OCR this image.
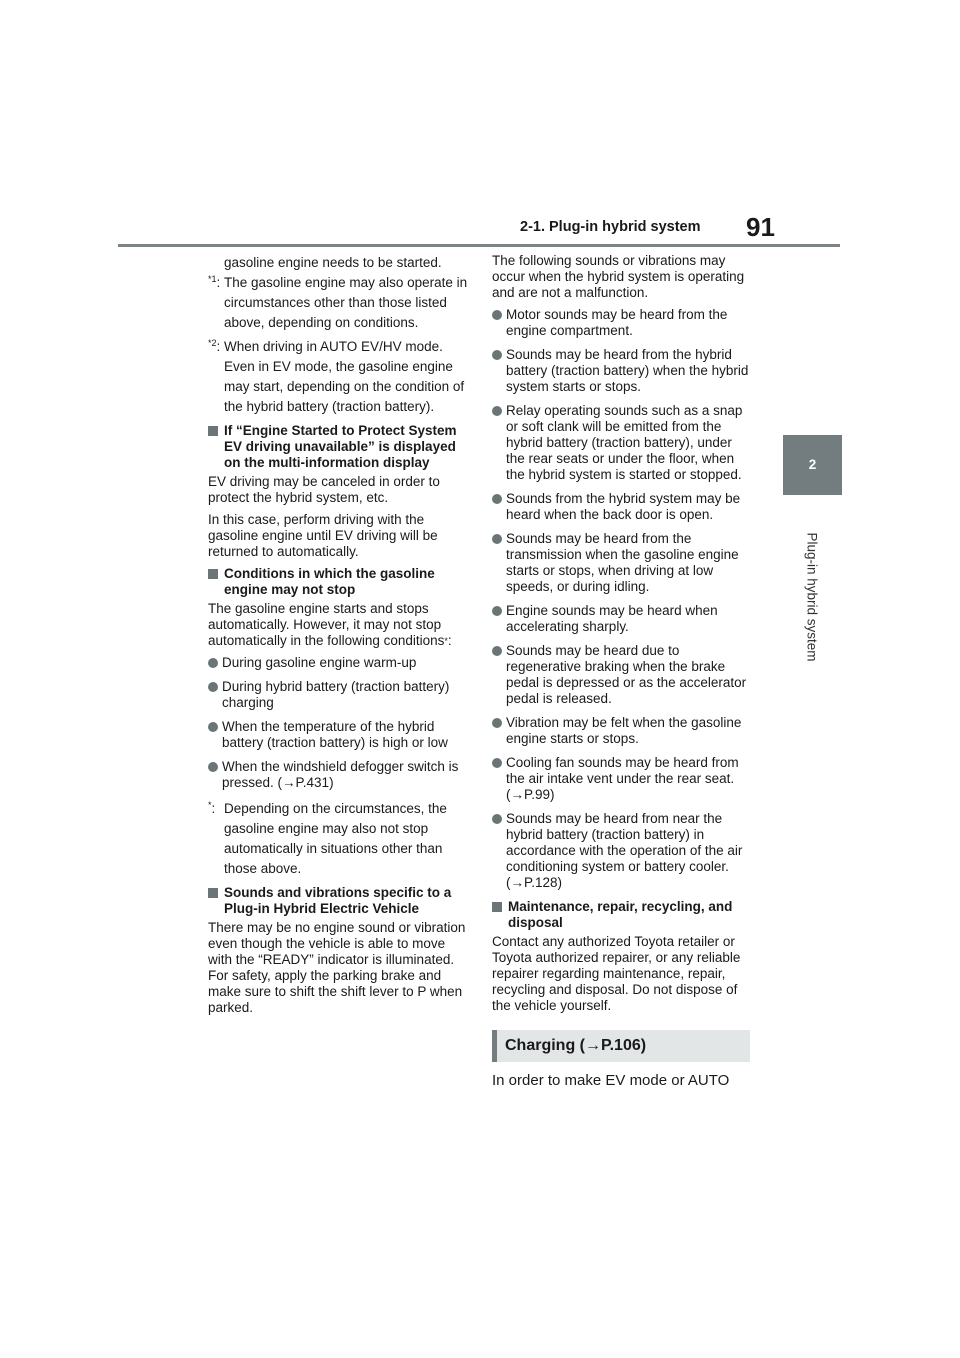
2-1. Plug-in hybrid system 91
2
Plug-in hybrid system
gasoline engine needs to be started.
$^{*1}$: The gasoline engine may also operate in circumstances other than those listed above, depending on conditions.
$^{*2}$: When driving in AUTO EV/HV mode. Even in EV mode, the gasoline engine may start, depending on the condition of the hybrid battery (traction battery).
If “Engine Started to Protect System EV driving unavailable” is displayed on the multi-information display
EV driving may be canceled in order to protect the hybrid system, etc.
In this case, perform driving with the gasoline engine until EV driving will be returned to automatically.
Conditions in which the gasoline engine may not stop
The gasoline engine starts and stops automatically. However, it may not stop automatically in the following conditions*:
During gasoline engine warm-up
During hybrid battery (traction battery) charging
When the temperature of the hybrid battery (traction battery) is high or low
When the windshield defogger switch is pressed. (→P.431)
*: Depending on the circumstances, the gasoline engine may also not stop automatically in situations other than those above.
Sounds and vibrations specific to a Plug-in Hybrid Electric Vehicle
There may be no engine sound or vibration even though the vehicle is able to move with the “READY” indicator is illuminated. For safety, apply the parking brake and make sure to shift the shift lever to P when parked.
The following sounds or vibrations may occur when the hybrid system is operating and are not a malfunction.
Motor sounds may be heard from the engine compartment.
Sounds may be heard from the hybrid battery (traction battery) when the hybrid system starts or stops.
Relay operating sounds such as a snap or soft clank will be emitted from the hybrid battery (traction battery), under the rear seats or under the floor, when the hybrid system is started or stopped.
Sounds from the hybrid system may be heard when the back door is open.
Sounds may be heard from the transmission when the gasoline engine starts or stops, when driving at low speeds, or during idling.
Engine sounds may be heard when accelerating sharply.
Sounds may be heard due to regenerative braking when the brake pedal is depressed or as the accelerator pedal is released.
Vibration may be felt when the gasoline engine starts or stops.
Cooling fan sounds may be heard from the air intake vent under the rear seat. (→P.99)
Sounds may be heard from near the hybrid battery (traction battery) in accordance with the operation of the air conditioning system or battery cooler. (→P.128)
Maintenance, repair, recycling, and disposal
Contact any authorized Toyota retailer or Toyota authorized repairer, or any reliable repairer regarding maintenance, repair, recycling and disposal. Do not dispose of the vehicle yourself.
Charging (→P.106)
In order to make EV mode or AUTO
